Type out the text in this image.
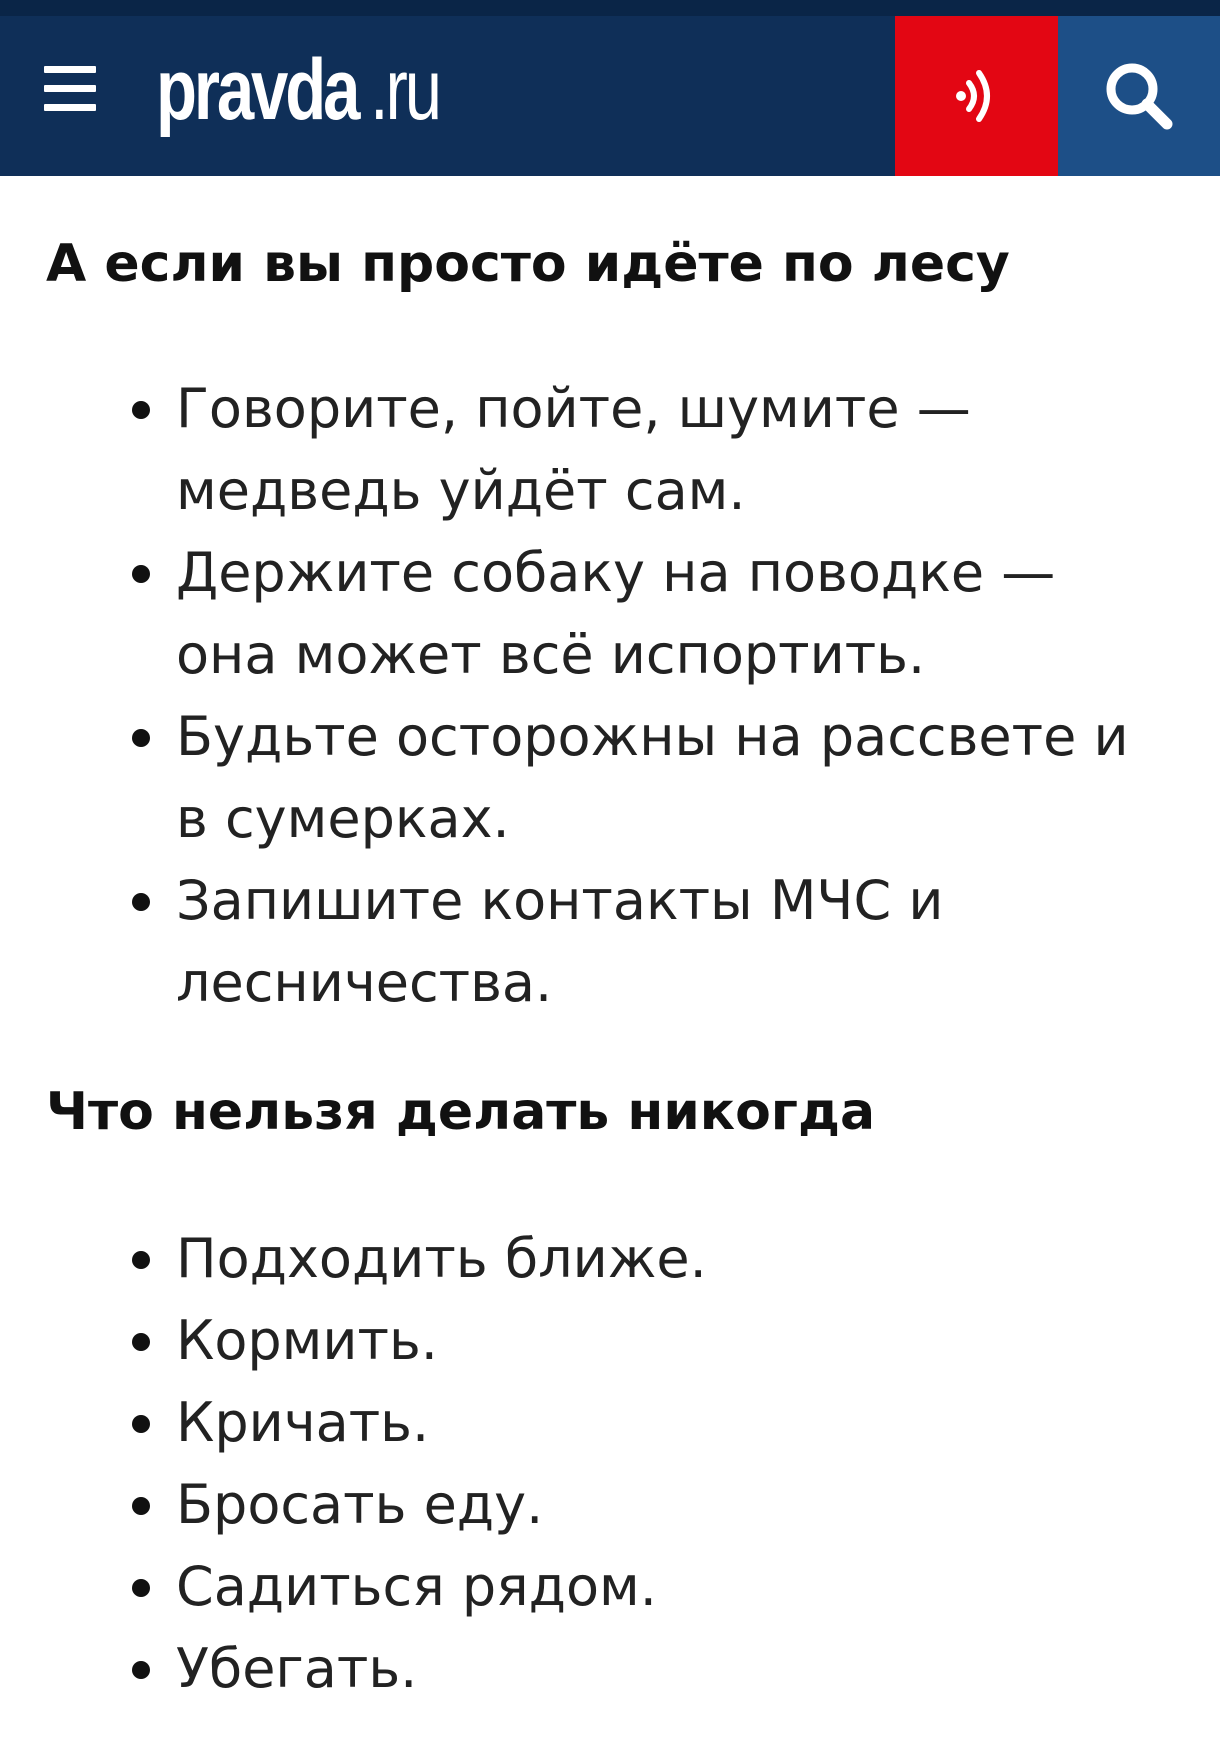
pravda .ru
А если вы просто идёте по лесу
Говорите, пойте, шумите — медведь уйдёт сам.
Держите собаку на поводке — она может всё испортить.
Будьте осторожны на рассвете и в сумерках.
Запишите контакты МЧС и лесничества.
Что нельзя делать никогда
Подходить ближе.
Кормить.
Кричать.
Бросать еду.
Садиться рядом.
Убегать.
